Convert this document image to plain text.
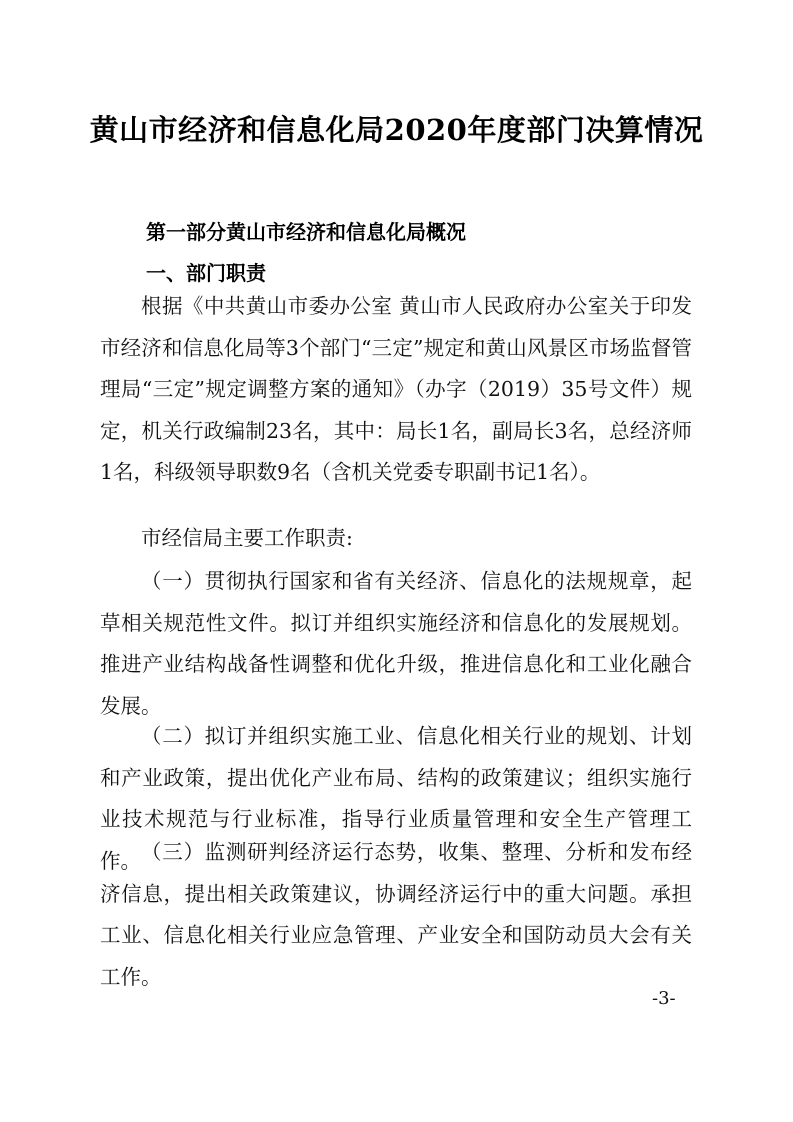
黄山市经济和信息化局2020年度部门决算情况
第一部分黄山市经济和信息化局概况
一、部门职责

根据《中共黄山市委办公室 黄山市人民政府办公室关于印发市经济和信息化局等3个部门“三定”规定和黄山风景区市场监督管理局“三定”规定调整方案的通知》（办字（2019）35号文件）规定，机关行政编制23名，其中：局长1名，副局长3名，总经济师1名，科级领导职数9名（含机关党委专职副书记1名）。

市经信局主要工作职责:

（一）贯彻执行国家和省有关经济、信息化的法规规章，起草相关规范性文件。拟订并组织实施经济和信息化的发展规划。推进产业结构战备性调整和优化升级，推进信息化和工业化融合发展。

（二）拟订并组织实施工业、信息化相关行业的规划、计划和产业政策，提出优化产业布局、结构的政策建议；组织实施行业技术规范与行业标准，指导行业质量管理和安全生产管理工作。 （三）监测研判经济运行态势，收集、整理、分析和发布经济信息，提出相关政策建议，协调经济运行中的重大问题。承担工业、信息化相关行业应急管理、产业安全和国防动员大会有关工作。

-3-
